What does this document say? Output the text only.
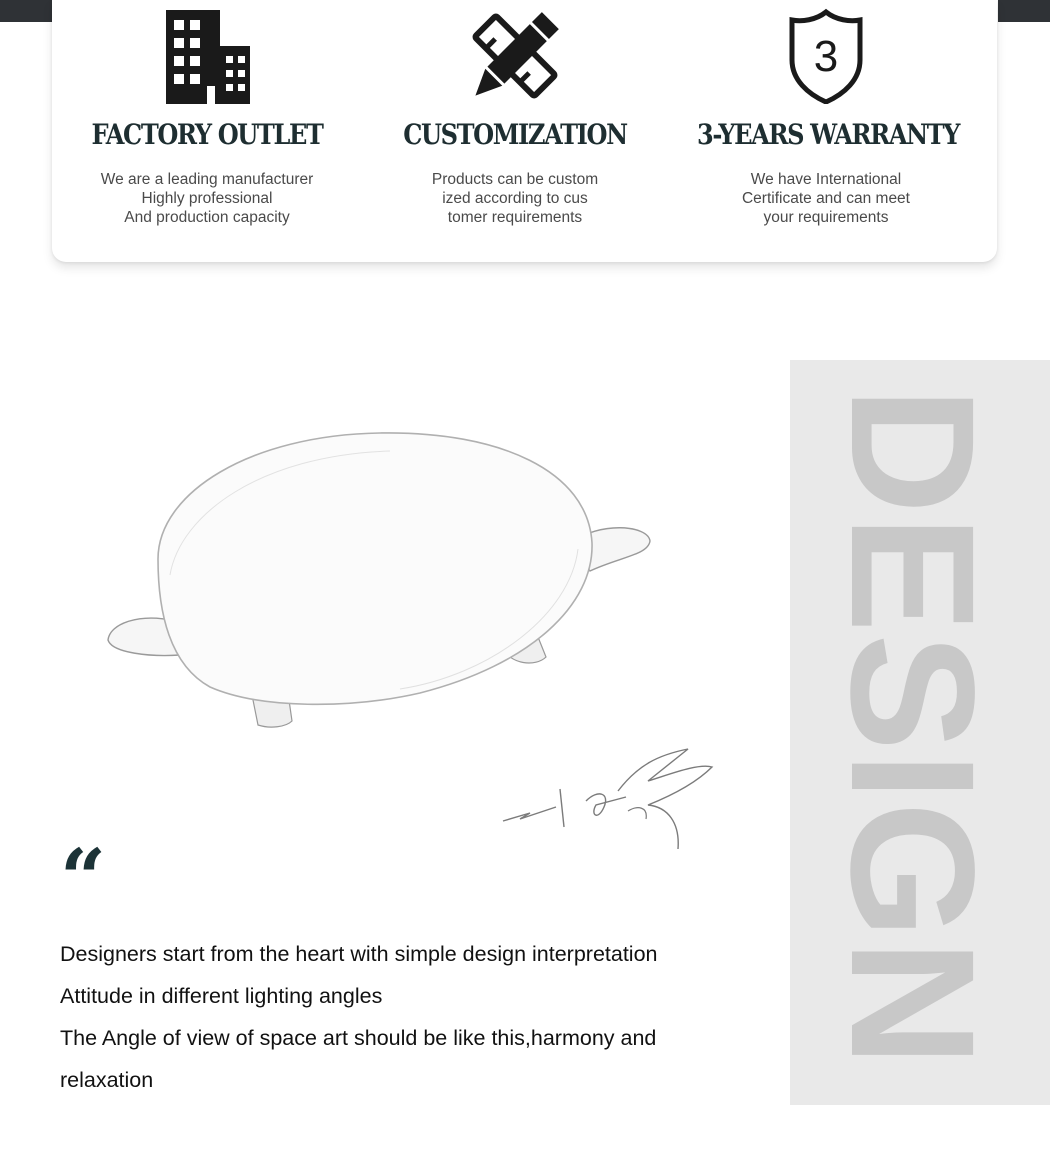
FACTORY OUTLET
We are a leading manufacturer
Highly professional
And production capacity
CUSTOMIZATION
Products can be custom
ized according to cus
tomer requirements
3
3-YEARS WARRANTY
We have International
Certificate and can meet
your requirements
DESIGN
“
Designers start from the heart with simple design interpretation
Attitude in different lighting angles
The Angle of view of space art should be like this,harmony and
relaxation
